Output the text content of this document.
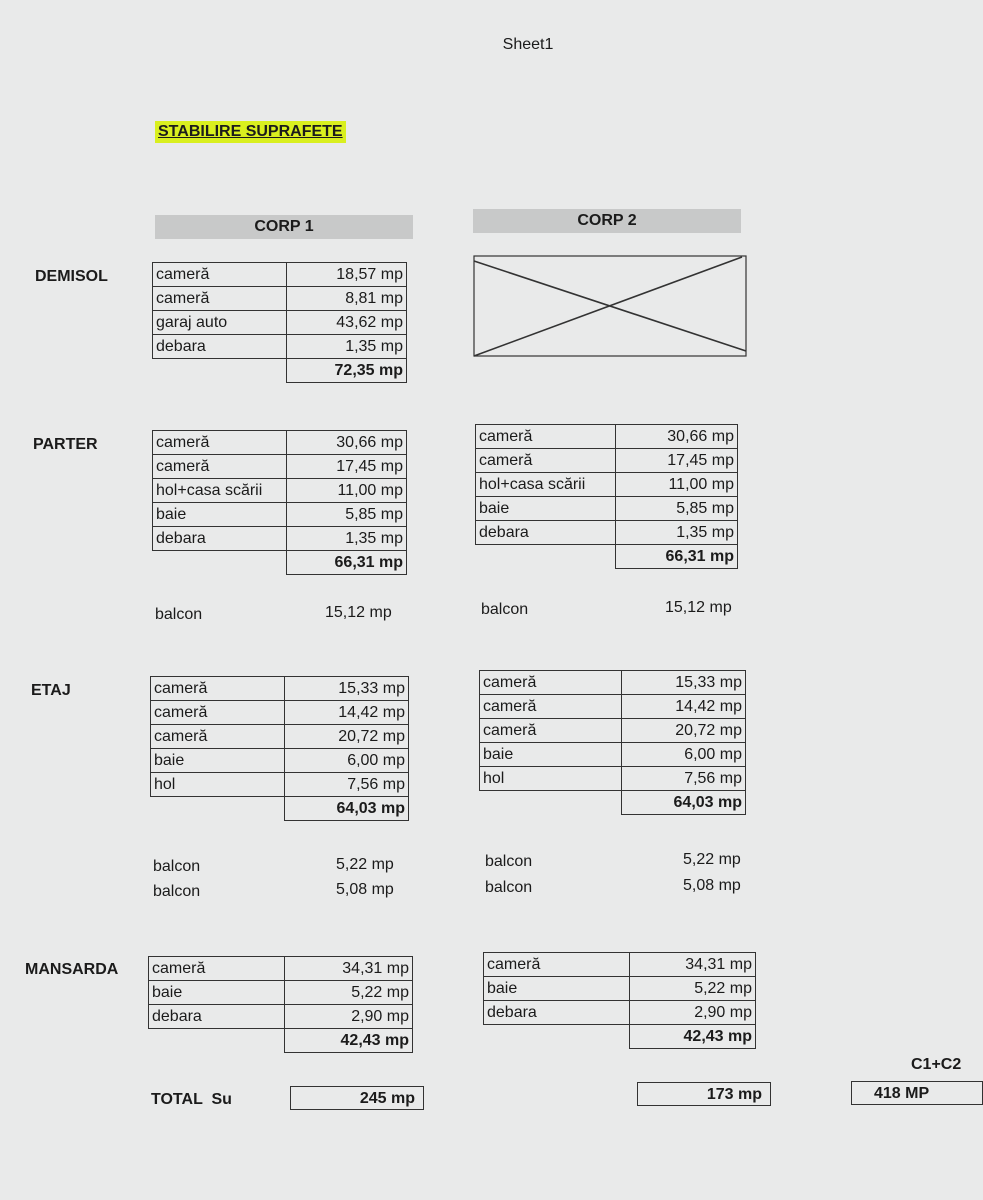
Sheet1
STABILIRE SUPRAFETE
CORP 1	CORP 2
DEMISOL
PARTER
ETAJ
MANSARDA
cameră	18,57 mp
cameră	8,81 mp
garaj auto	43,62 mp
debara	1,35 mp
	72,35 mp
cameră	30,66 mp
cameră	17,45 mp
hol+casa scării	11,00 mp
baie	5,85 mp
debara	1,35 mp
	66,31 mp
cameră	15,33 mp
cameră	14,42 mp
cameră	20,72 mp
baie	6,00 mp
hol	7,56 mp
	64,03 mp
cameră	34,31 mp
baie	5,22 mp
debara	2,90 mp
	42,43 mp
cameră	30,66 mp
cameră	17,45 mp
hol+casa scării	11,00 mp
baie	5,85 mp
debara	1,35 mp
	66,31 mp
cameră	15,33 mp
cameră	14,42 mp
cameră	20,72 mp
baie	6,00 mp
hol	7,56 mp
	64,03 mp
cameră	34,31 mp
baie	5,22 mp
debara	2,90 mp
	42,43 mp
balcon	15,12 mp
balcon	5,22 mp
balcon	5,08 mp
balcon	15,12 mp
balcon	5,22 mp
balcon	5,08 mp
TOTAL  Su	245 mp	173 mp
C1+C2
418 MP
